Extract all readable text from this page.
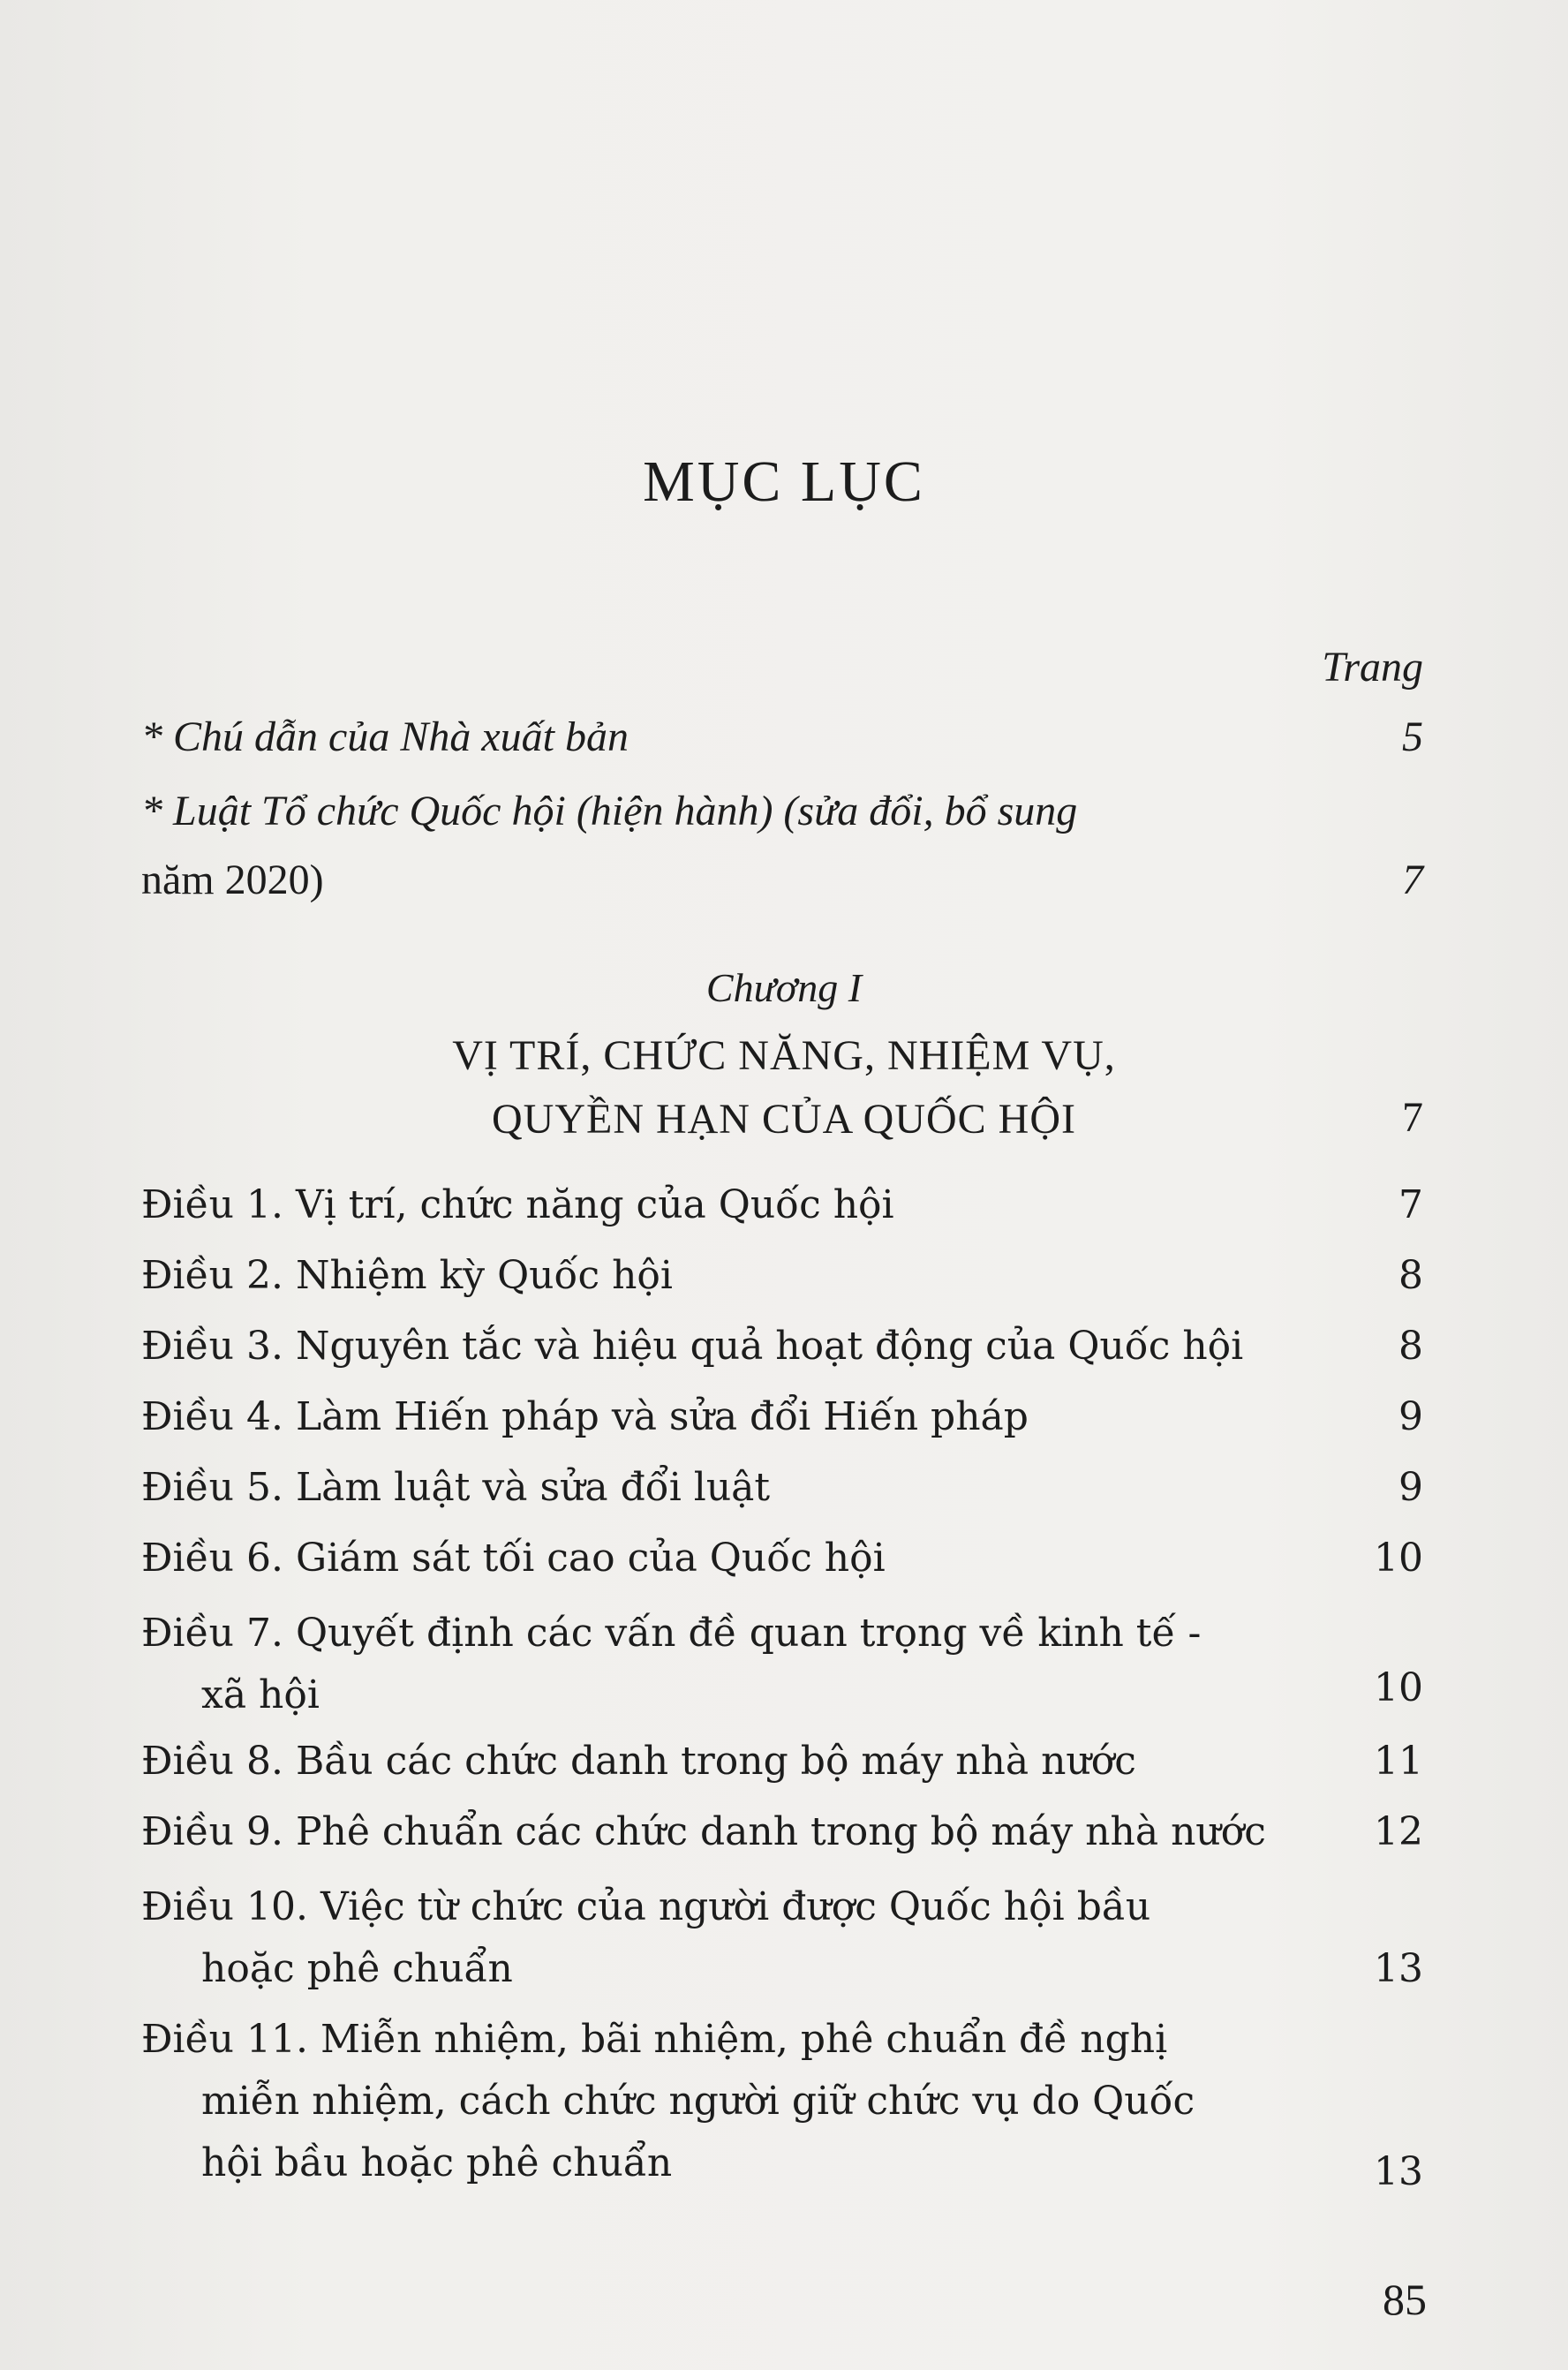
MỤC LỤC
Trang
* Chú dẫn của Nhà xuất bản	5
* Luật Tổ chức Quốc hội (hiện hành) (sửa đổi, bổ sung
năm 2020)	7
Chương I
VỊ TRÍ, CHỨC NĂNG, NHIỆM VỤ,
QUYỀN HẠN CỦA QUỐC HỘI	7
Điều 1. Vị trí, chức năng của Quốc hội	7
Điều 2. Nhiệm kỳ Quốc hội	8
Điều 3. Nguyên tắc và hiệu quả hoạt động của Quốc hội	8
Điều 4. Làm Hiến pháp và sửa đổi Hiến pháp	9
Điều 5. Làm luật và sửa đổi luật	9
Điều 6. Giám sát tối cao của Quốc hội	10
Điều 7. Quyết định các vấn đề quan trọng về kinh tế -
xã hội	10
Điều 8. Bầu các chức danh trong bộ máy nhà nước	11
Điều 9. Phê chuẩn các chức danh trong bộ máy nhà nước	12
Điều 10. Việc từ chức của người được Quốc hội bầu
hoặc phê chuẩn	13
Điều 11. Miễn nhiệm, bãi nhiệm, phê chuẩn đề nghị
miễn nhiệm, cách chức người giữ chức vụ do Quốc
hội bầu hoặc phê chuẩn	13
85
